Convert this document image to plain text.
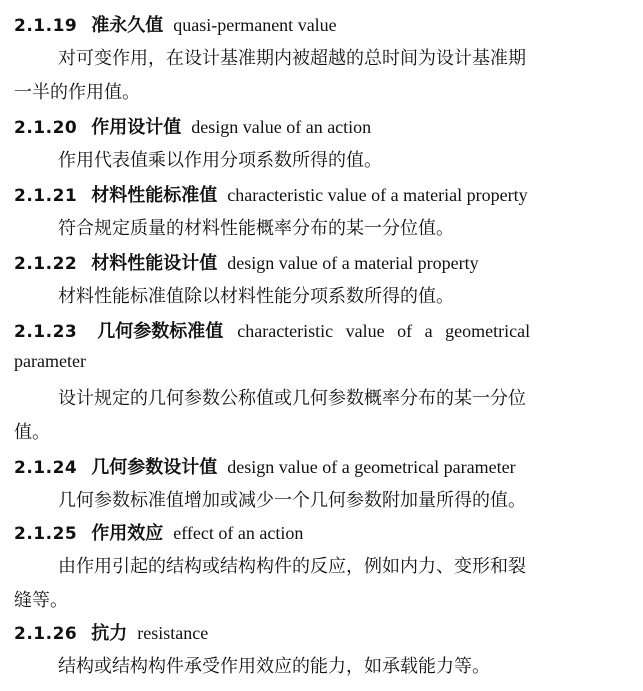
2.1.19 准永久值 quasi-permanent value
对可变作用，在设计基准期内被超越的总时间为设计基准期
一半的作用值。
2.1.20 作用设计值 design value of an action
作用代表值乘以作用分项系数所得的值。
2.1.21 材料性能标准值 characteristic value of a material property
符合规定质量的材料性能概率分布的某一分位值。
2.1.22 材料性能设计值 design value of a material property
材料性能标准值除以材料性能分项系数所得的值。
2.1.23 几何参数标准值 characteristic value of a geometrical
parameter
设计规定的几何参数公称值或几何参数概率分布的某一分位
值。
2.1.24 几何参数设计值 design value of a geometrical parameter
几何参数标准值增加或减少一个几何参数附加量所得的值。
2.1.25 作用效应 effect of an action
由作用引起的结构或结构构件的反应，例如内力、变形和裂
缝等。
2.1.26 抗力 resistance
结构或结构构件承受作用效应的能力，如承载能力等。
